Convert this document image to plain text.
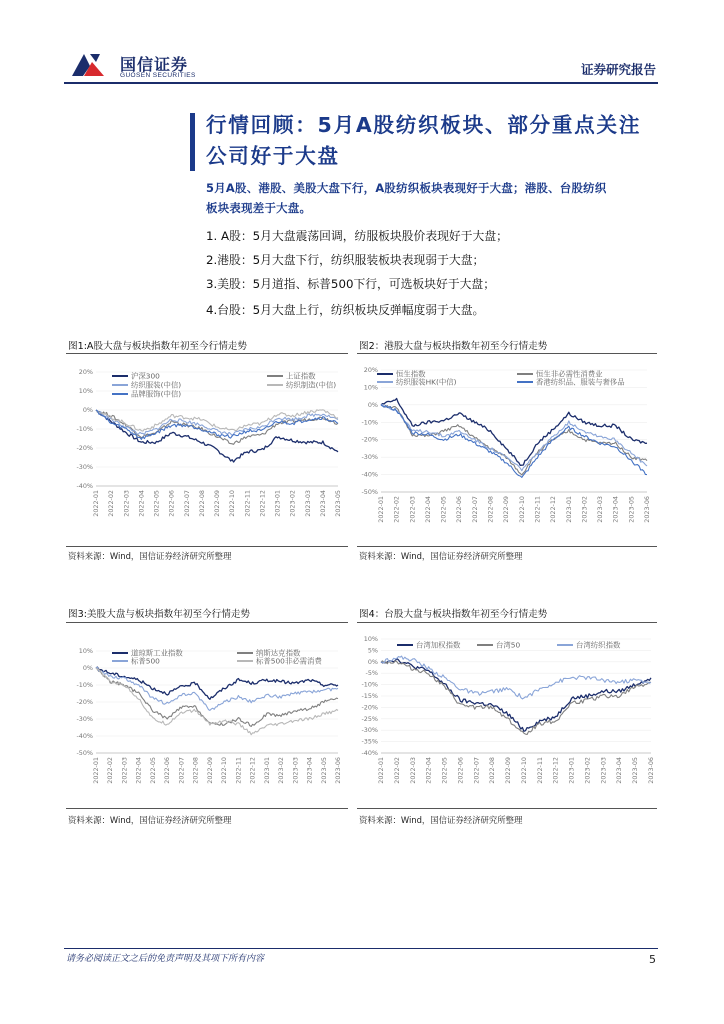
国信证券
GUOSEN SECURITIES	证券研究报告
行情回顾：5月A股纺织板块、部分重点关注
公司好于大盘
5月A股、港股、美股大盘下行，A股纺织板块表现好于大盘；港股、台股纺织
板块表现差于大盘。
1. A股：5月大盘震荡回调，纺服板块股价表现好于大盘；
2.港股：5月大盘下行，纺织服装板块表现弱于大盘；
3.美股：5月道指、标普500下行，可选板块好于大盘；
4.台股：5月大盘上行，纺织板块反弹幅度弱于大盘。
图1:A股大盘与板块指数年初至今行情走势
20%
10%
0%
-10%
-20%
-30%
-40%
2022-01 2022-02 2022-03 2022-04 2022-05 2022-06 2022-07 2022-08 2022-09 2022-10 2022-11 2022-12 2023-01 2023-02 2023-03 2023-04 2023-05
沪深300	上证指数
纺织服装(中信)	纺织制造(中信)
品牌服饰(中信)
资料来源：Wind，国信证券经济研究所整理
图2：港股大盘与板块指数年初至今行情走势
20%
10%
0%
-10%
-20%
-30%
-40%
-50%
2022-01 2022-02 2022-03 2022-04 2022-05 2022-06 2022-07 2022-08 2022-09 2022-10 2022-11 2022-12 2023-01 2023-02 2023-03 2023-04 2023-05 2023-06
恒生指数	恒生非必需性消费业
纺织服装HK(中信)	香港纺织品、服装与奢侈品
资料来源：Wind，国信证券经济研究所整理
图3:美股大盘与板块指数年初至今行情走势
10%
0%
-10%
-20%
-30%
-40%
-50%
2022-01 2022-02 2022-03 2022-04 2022-05 2022-06 2022-07 2022-08 2022-09 2022-10 2022-11 2022-12 2023-01 2023-02 2023-03 2023-04 2023-05 2023-06
道琼斯工业指数	纳斯达克指数
标普500	标普500非必需消费
资料来源：Wind，国信证券经济研究所整理
图4：台股大盘与板块指数年初至今行情走势
10%
5%
0%
-5%
-10%
-15%
-20%
-25%
-30%
-35%
-40%
2022-01 2022-02 2022-03 2022-04 2022-05 2022-06 2022-07 2022-08 2022-09 2022-10 2022-11 2022-12 2023-01 2023-02 2023-03 2023-04 2023-05 2023-06
台湾加权指数	台湾50	台湾纺织指数
资料来源：Wind，国信证券经济研究所整理
请务必阅读正文之后的免责声明及其项下所有内容	5
